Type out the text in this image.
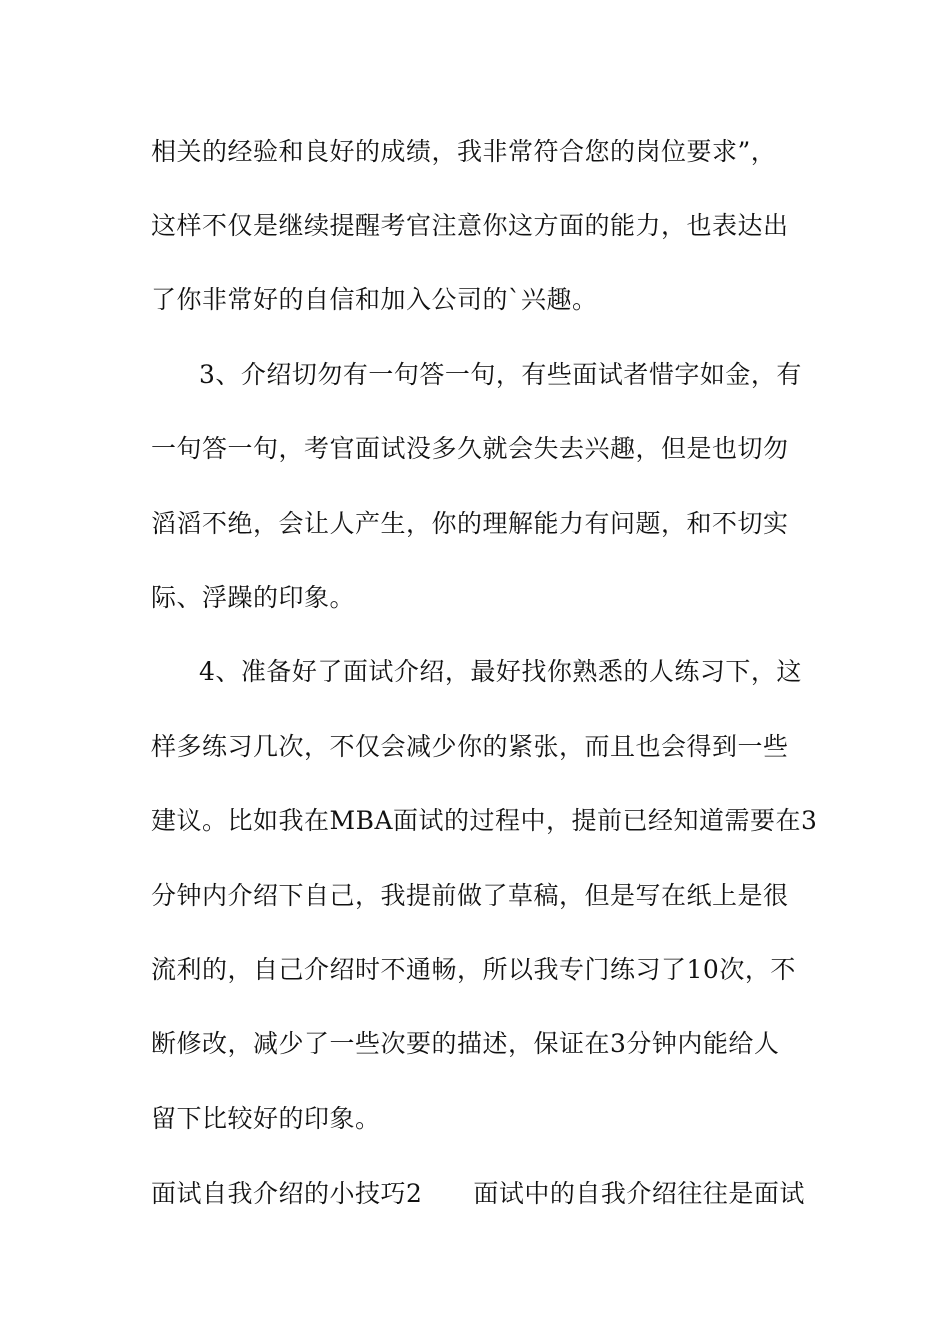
相关的经验和良好的成绩，我非常符合您的岗位要求”，
这样不仅是继续提醒考官注意你这方面的能力，也表达出
了你非常好的自信和加入公司的`兴趣。
3、介绍切勿有一句答一句，有些面试者惜字如金，有
一句答一句，考官面试没多久就会失去兴趣，但是也切勿
滔滔不绝，会让人产生，你的理解能力有问题，和不切实
际、浮躁的印象。
4、准备好了面试介绍，最好找你熟悉的人练习下，这
样多练习几次，不仅会减少你的紧张，而且也会得到一些
建议。比如我在MBA面试的过程中，提前已经知道需要在3
分钟内介绍下自己，我提前做了草稿，但是写在纸上是很
流利的，自己介绍时不通畅，所以我专门练习了10次，不
断修改，减少了一些次要的描述，保证在3分钟内能给人
留下比较好的印象。
面试自我介绍的小技巧2　　面试中的自我介绍往往是面试
